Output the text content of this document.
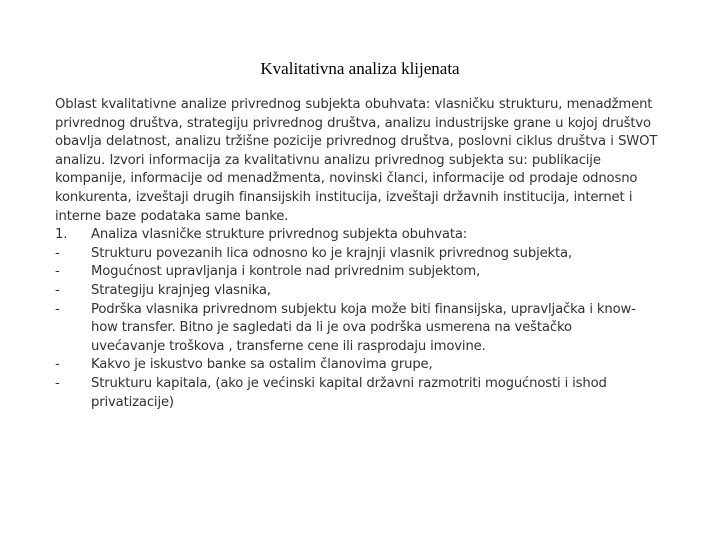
Kvalitativna analiza klijenata

Oblast kvalitativne analize privrednog subjekta obuhvata: vlasničku strukturu, menadžment privrednog društva, strategiju privrednog društva, analizu industrijske grane u kojoj društvo obavlja delatnost, analizu tržišne pozicije privrednog društva, poslovni ciklus društva i SWOT analizu. Izvori informacija za kvalitativnu analizu privrednog subjekta su: publikacije kompanije, informacije od menadžmenta, novinski članci, informacije od prodaje odnosno konkurenta, izveštaji drugih finansijskih institucija, izveštaji državnih institucija, internet i interne baze podataka same banke.

1.	Analiza vlasničke strukture privrednog subjekta obuhvata:
-	Strukturu povezanih lica odnosno ko je krajnji vlasnik privrednog subjekta,
-	Mogućnost upravljanja i kontrole nad privrednim subjektom,
-	Strategiju krajnjeg vlasnika,
-	Podrška vlasnika privrednom subjektu koja može biti finansijska, upravljačka i know-how transfer. Bitno je sagledati da li je ova podrška usmerena na veštačko uvećavanje troškova , transferne cene ili rasprodaju imovine.
-	Kakvo je iskustvo banke sa ostalim članovima grupe,
-	Strukturu kapitala, (ako je većinski kapital državni razmotriti mogućnosti i ishod privatizacije)
